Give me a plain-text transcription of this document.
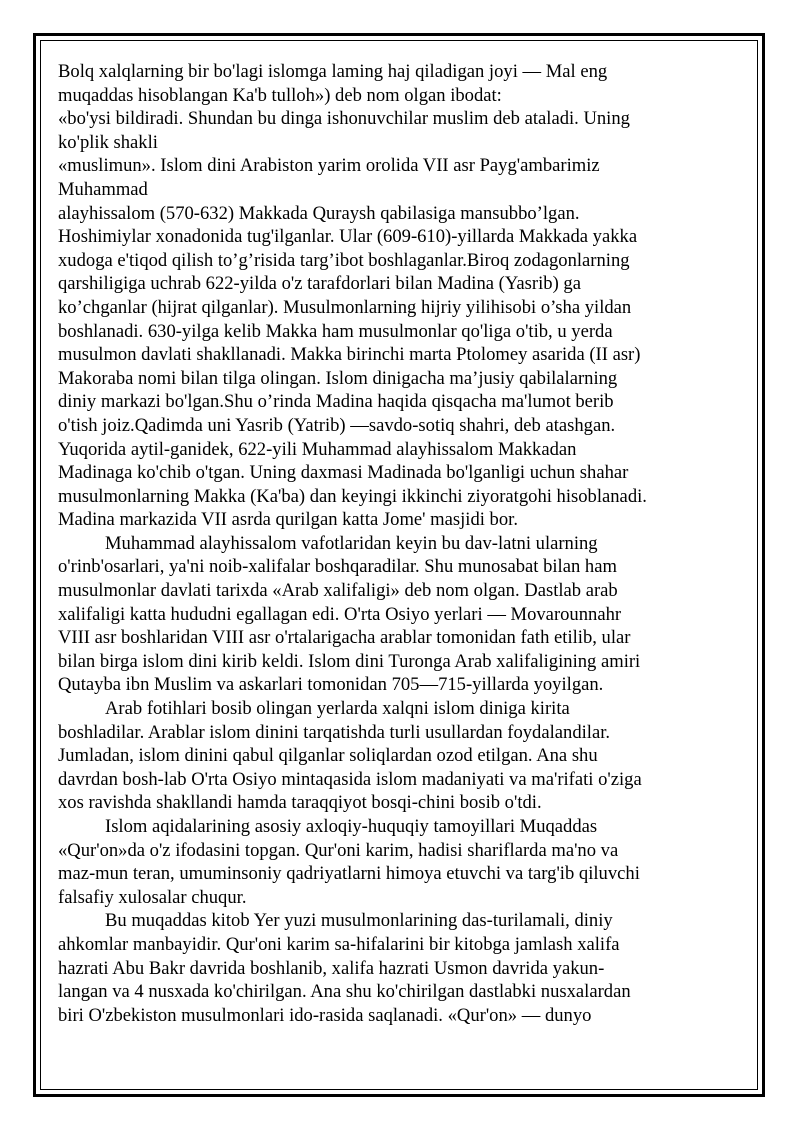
Bolq xalqlarning bir bo'lagi islomga laming haj qiladigan joyi — Mal eng
muqaddas hisoblangan Ka'b tulloh») deb nom olgan ibodat:
«bo'ysi bildiradi. Shundan bu dinga ishonuvchilar muslim deb ataladi. Uning
ko'plik shakli
«muslimun». Islom dini Arabiston yarim orolida VII asr Payg'ambarimiz
Muhammad
alayhissalom (570-632) Makkada Quraysh qabilasiga mansubbo’lgan.
Hoshimiylar xonadonida tug'ilganlar. Ular (609-610)-yillarda Makkada yakka
xudoga e'tiqod qilish to’g’risida targ’ibot boshlaganlar.Biroq zodagonlarning
qarshiligiga uchrab 622-yilda o'z tarafdorlari bilan Madina (Yasrib) ga
ko’chganlar (hijrat qilganlar). Musulmonlarning hijriy yilihisobi o’sha yildan
boshlanadi. 630-yilga kelib Makka ham musulmonlar qo'liga o'tib, u yerda
musulmon davlati shakllanadi. Makka birinchi marta Ptolomey asarida (II asr)
Makoraba nomi bilan tilga olingan. Islom dinigacha ma’jusiy qabilalarning
diniy markazi bo'lgan.Shu o’rinda Madina haqida qisqacha ma'lumot berib
o'tish joiz.Qadimda uni Yasrib (Yatrib) —savdo-sotiq shahri, deb atashgan.
Yuqorida aytil-ganidek, 622-yili Muhammad alayhissalom Makkadan
Madinaga ko'chib o'tgan. Uning daxmasi Madinada bo'lganligi uchun shahar
musulmonlarning Makka (Ka'ba) dan keyingi ikkinchi ziyoratgohi hisoblanadi.
Madina markazida VII asrda qurilgan katta Jome' masjidi bor.
Muhammad alayhissalom vafotlaridan keyin bu dav-latni ularning
o'rinb'osarlari, ya'ni noib-xalifalar boshqaradilar. Shu munosabat bilan ham
musulmonlar davlati tarixda «Arab xalifaligi» deb nom olgan. Dastlab arab
xalifaligi katta hududni egallagan edi. O'rta Osiyo yerlari — Movarounnahr
VIII asr boshlaridan VIII asr o'rtalarigacha arablar tomonidan fath etilib, ular
bilan birga islom dini kirib keldi. Islom dini Turonga Arab xalifaligining amiri
Qutayba ibn Muslim va askarlari tomonidan 705—715-yillarda yoyilgan.
Arab fotihlari bosib olingan yerlarda xalqni islom diniga kirita
boshladilar. Arablar islom dinini tarqatishda turli usullardan foydalandilar.
Jumladan, islom dinini qabul qilganlar soliqlardan ozod etilgan. Ana shu
davrdan bosh-lab O'rta Osiyo mintaqasida islom madaniyati va ma'rifati o'ziga
xos ravishda shakllandi hamda taraqqiyot bosqi-chini bosib o'tdi.
Islom aqidalarining asosiy axloqiy-huquqiy tamoyillari Muqaddas
«Qur'on»da o'z ifodasini topgan. Qur'oni karim, hadisi shariflarda ma'no va
maz-mun teran, umuminsoniy qadriyatlarni himoya etuvchi va targ'ib qiluvchi
falsafiy xulosalar chuqur.
Bu muqaddas kitob Yer yuzi musulmonlarining das-turilamali, diniy
ahkomlar manbayidir. Qur'oni karim sa-hifalarini bir kitobga jamlash xalifa
hazrati Abu Bakr davrida boshlanib, xalifa hazrati Usmon davrida yakun-
langan va 4 nusxada ko'chirilgan. Ana shu ko'chirilgan dastlabki nusxalardan
biri O'zbekiston musulmonlari ido-rasida saqlanadi. «Qur'on» — dunyo
